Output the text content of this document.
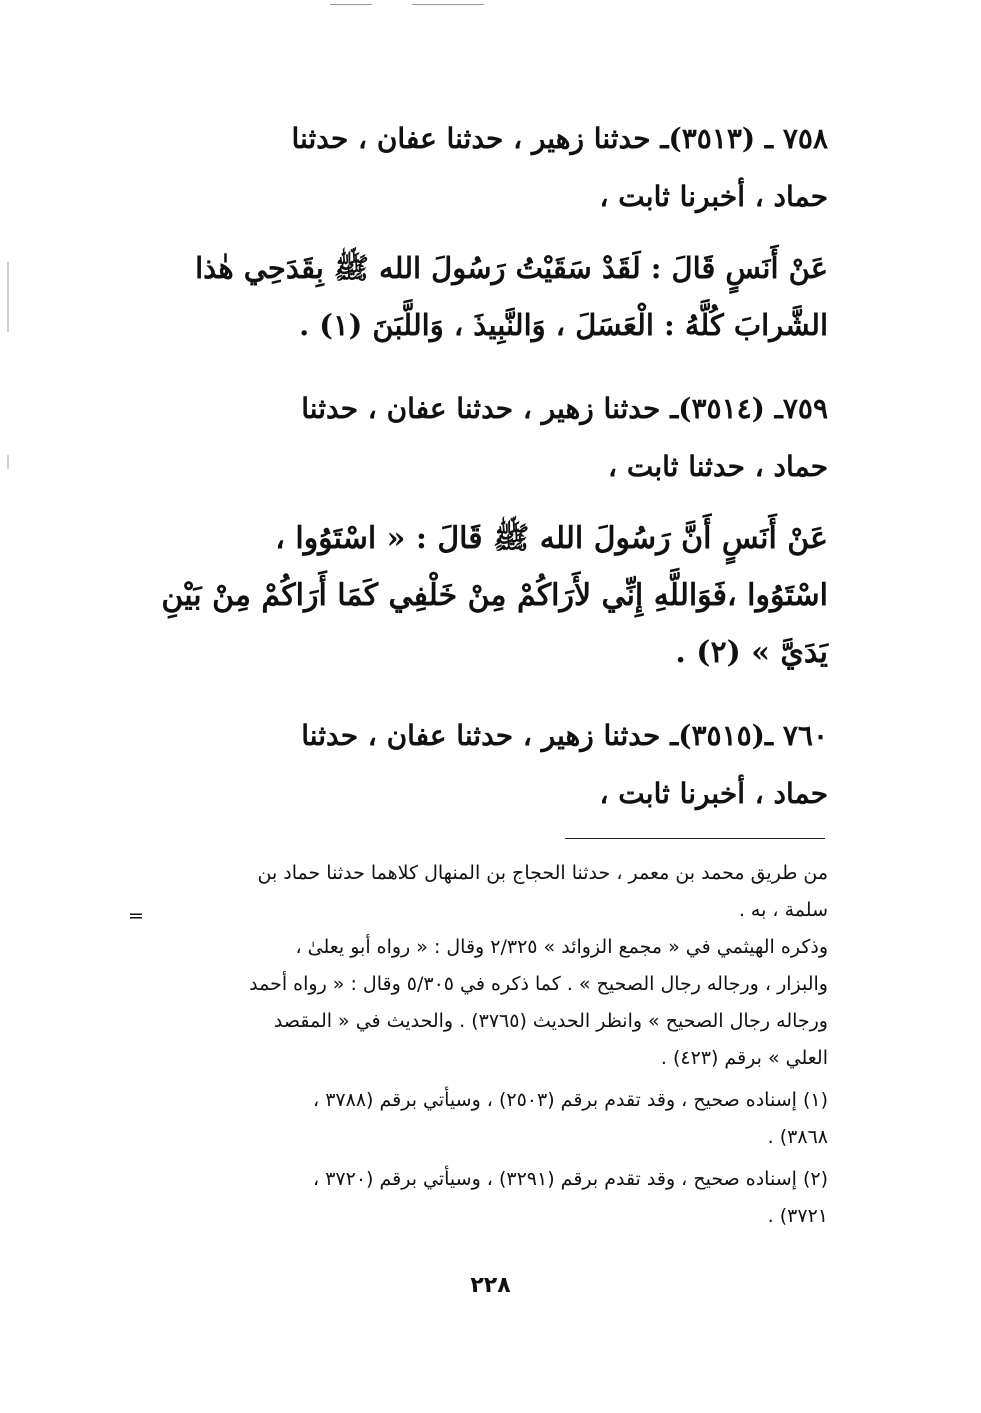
٧٥٨ ـ (٣٥١٣)ـ حدثنا زهير ، حدثنا عفان ، حدثنا

حماد ، أخبرنا ثابت ،

عَنْ أَنَسٍ قَالَ : لَقَدْ سَقَيْتُ رَسُولَ الله ﷺ بِقَدَحِي هٰذا

الشَّرابَ كُلَّهُ : الْعَسَلَ ، وَالنَّبِيذَ ، وَاللَّبَنَ (١) .

٧٥٩ـ (٣٥١٤)ـ حدثنا زهير ، حدثنا عفان ، حدثنا

حماد ، حدثنا ثابت ،

عَنْ أَنَسٍ أَنَّ رَسُولَ الله ﷺ قَالَ : « اسْتَوُوا ،

اسْتَوُوا ،فَوَاللَّهِ إِنِّي لأَرَاكُمْ مِنْ خَلْفِي كَمَا أَرَاكُمْ مِنْ بَيْنِ

يَدَيَّ » (٢) .

٧٦٠ ـ(٣٥١٥)ـ حدثنا زهير ، حدثنا عفان ، حدثنا

حماد ، أخبرنا ثابت ،

من طريق محمد بن معمر ، حدثنا الحجاج بن المنهال كلاهما حدثنا حماد بن

سلمة ، به .

وذكره الهيثمي في « مجمع الزوائد » ٢/٣٢٥ وقال : « رواه أبو يعلىٰ ،

والبزار ، ورجاله رجال الصحيح » . كما ذكره في ٥/٣٠٥ وقال : « رواه أحمد

ورجاله رجال الصحيح » وانظر الحديث (٣٧٦٥) . والحديث في « المقصد

العلي » برقم (٤٢٣) .

(١) إسناده صحيح ، وقد تقدم برقم (٢٥٠٣) ، وسيأتي برقم (٣٧٨٨ ،

٣٨٦٨) .

(٢) إسناده صحيح ، وقد تقدم برقم (٣٢٩١) ، وسيأتي برقم (٣٧٢٠ ،

٣٧٢١) .

=
٢٢٨
